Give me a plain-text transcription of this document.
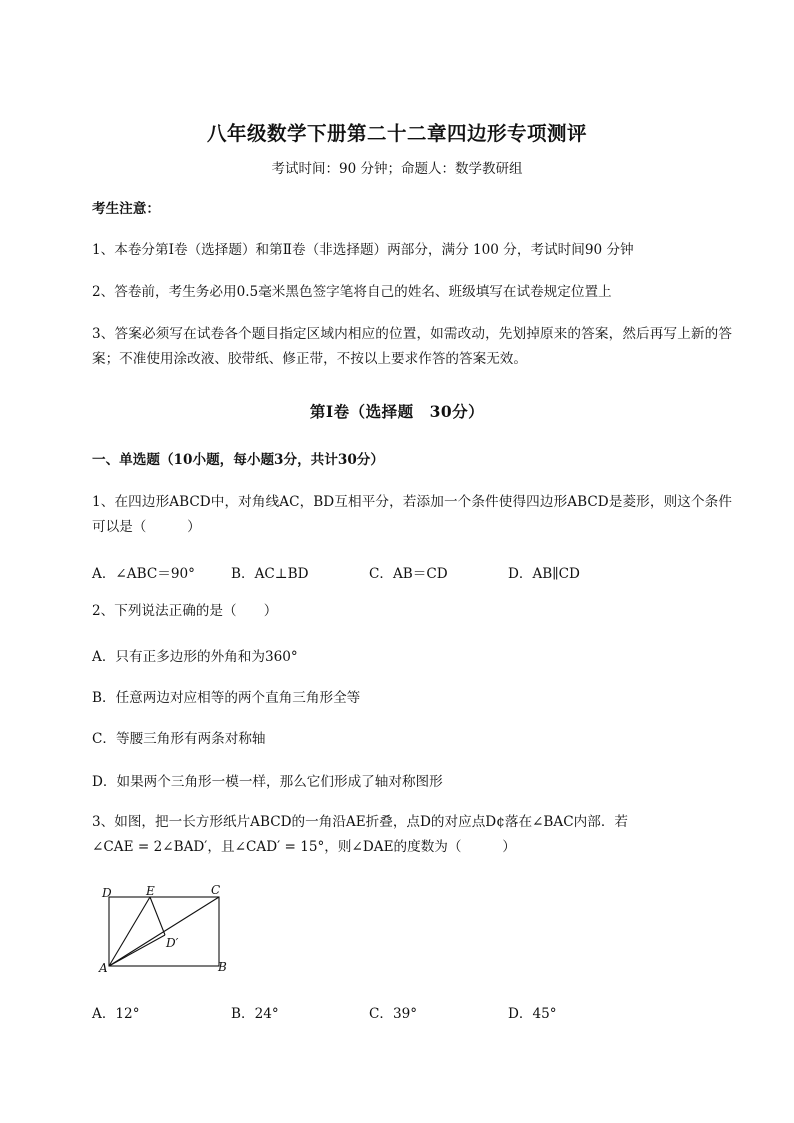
八年级数学下册第二十二章四边形专项测评
考试时间：90 分钟；命题人：数学教研组
考生注意：
1、本卷分第Ⅰ卷（选择题）和第Ⅱ卷（非选择题）两部分，满分 100 分，考试时间90 分钟
2、答卷前，考生务必用0.5毫米黑色签字笔将自己的姓名、班级填写在试卷规定位置上
3、答案必须写在试卷各个题目指定区域内相应的位置，如需改动，先划掉原来的答案，然后再写上新的答案；不准使用涂改液、胶带纸、修正带，不按以上要求作答的答案无效。
第Ⅰ卷（选择题　30分）
一、单选题（10小题，每小题3分，共计30分）
1、在四边形ABCD中，对角线AC，BD互相平分，若添加一个条件使得四边形ABCD是菱形，则这个条件可以是（　　　）
A．∠ABC＝90°	B．AC⊥BD	C．AB＝CD	D．AB∥CD
2、下列说法正确的是（　　）
A．只有正多边形的外角和为360°
B．任意两边对应相等的两个直角三角形全等
C．等腰三角形有两条对称轴
D．如果两个三角形一模一样，那么它们形成了轴对称图形
3、如图，把一长方形纸片ABCD的一角沿AE折叠，点D的对应点D¢落在∠BAC内部．若
∠CAE = 2∠BAD′，且∠CAD′ = 15°，则∠DAE的度数为（　　　）
D	E	C
D′
A	B
A．12°	B．24°	C．39°	D．45°
